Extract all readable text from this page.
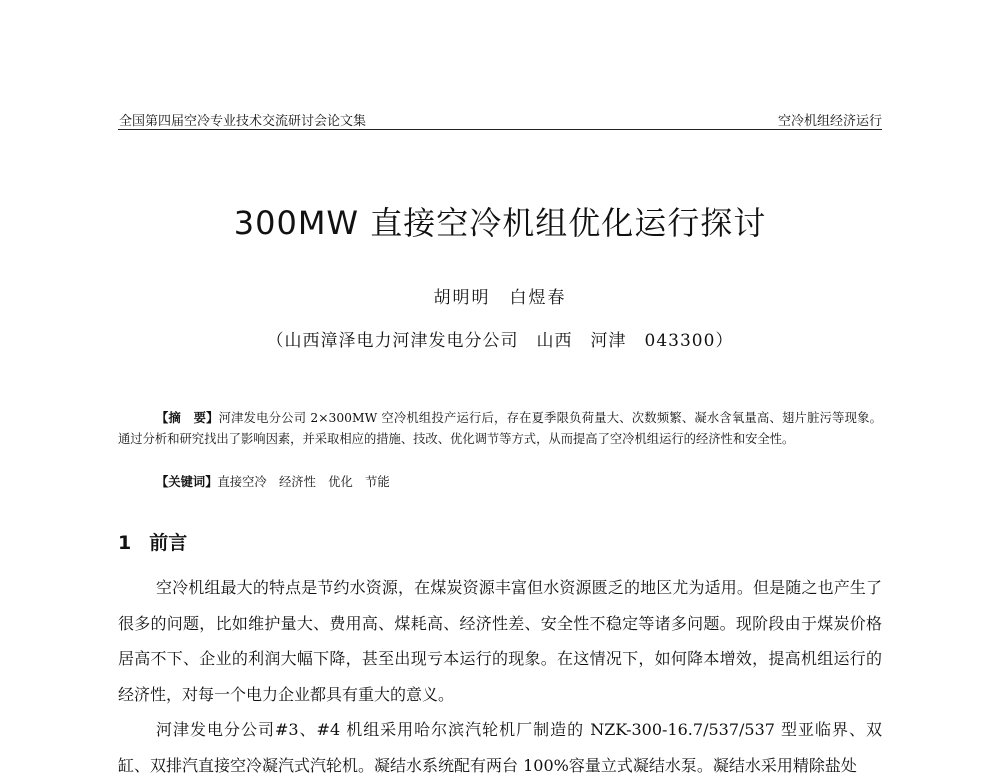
全国第四届空冷专业技术交流研讨会论文集	空冷机组经济运行
300MW 直接空冷机组优化运行探讨
胡明明　白煜春
（山西漳泽电力河津发电分公司　山西　河津　043300）
【摘　要】河津发电分公司 2×300MW 空冷机组投产运行后，存在夏季限负荷量大、次数频繁、凝水含氧量高、翅片脏污等现象。通过分析和研究找出了影响因素，并采取相应的措施、技改、优化调节等方式，从而提高了空冷机组运行的经济性和安全性。
【关键词】直接空冷　经济性　优化　节能
1 前言

空冷机组最大的特点是节约水资源，在煤炭资源丰富但水资源匮乏的地区尤为适用。但是随之也产生了很多的问题，比如维护量大、费用高、煤耗高、经济性差、安全性不稳定等诸多问题。现阶段由于煤炭价格居高不下、企业的利润大幅下降，甚至出现亏本运行的现象。在这情况下，如何降本增效，提高机组运行的经济性，对每一个电力企业都具有重大的意义。

河津发电分公司#3、#4 机组采用哈尔滨汽轮机厂制造的 NZK-300-16.7/537/537 型亚临界、双缸、双排汽直接空冷凝汽式汽轮机。凝结水系统配有两台 100%容量立式凝结水泵。凝结水采用精除盐处
